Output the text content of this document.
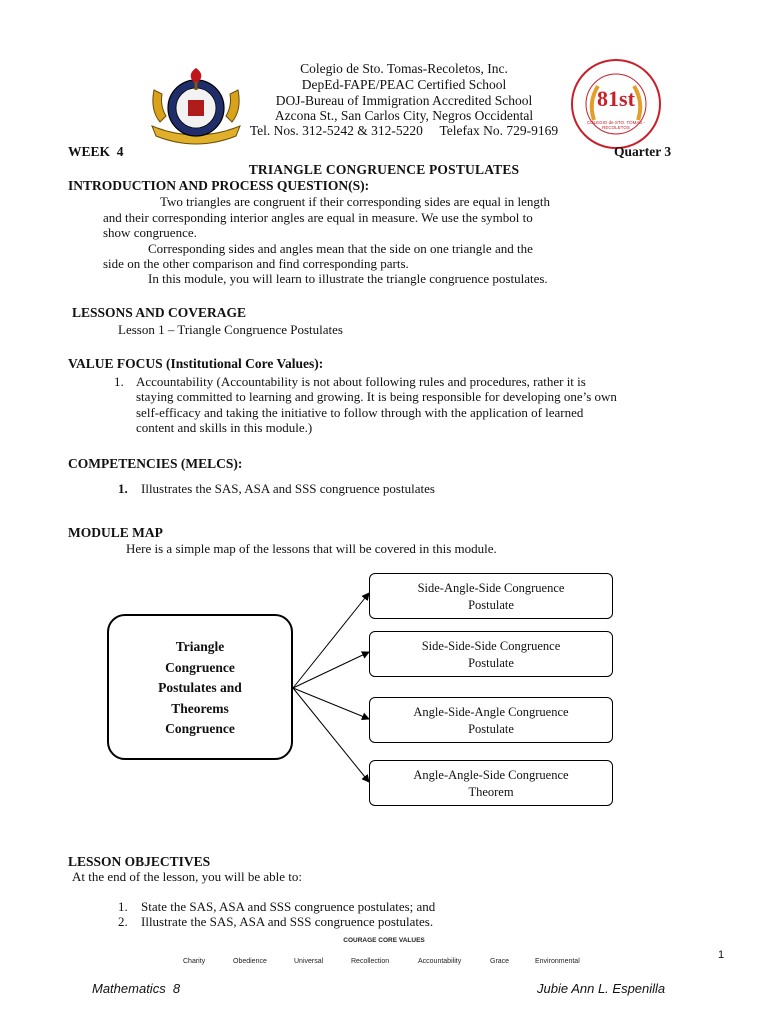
Colegio de Sto. Tomas-Recoletos, Inc.
DepEd-FAPE/PEAC Certified School
DOJ-Bureau of Immigration Accredited School
Azcona St., San Carlos City, Negros Occidental
Tel. Nos. 312-5242 & 312-5220     Telefax No. 729-9169
81st
COLEGIO de STO. TOMAS - RECOLETOS
WEEK  4	Quarter 3
TRIANGLE CONGRUENCE POSTULATES
INTRODUCTION AND PROCESS QUESTION(S):
Two triangles are congruent if their corresponding sides are equal in length
and their corresponding interior angles are equal in measure. We use the symbol to
show congruence.
Corresponding sides and angles mean that the side on one triangle and the
side on the other comparison and find corresponding parts.
In this module, you will learn to illustrate the triangle congruence postulates.
LESSONS AND COVERAGE
Lesson 1 – Triangle Congruence Postulates
VALUE FOCUS (Institutional Core Values):
1. Accountability (Accountability is not about following rules and procedures, rather it is
staying committed to learning and growing. It is being responsible for developing one’s own
self-efficacy and taking the initiative to follow through with the application of learned
content and skills in this module.)
COMPETENCIES (MELCS):
1. Illustrates the SAS, ASA and SSS congruence postulates
MODULE MAP
Here is a simple map of the lessons that will be covered in this module.
Triangle
Congruence
Postulates and
Theorems
Congruence
Side-Angle-Side Congruence
Postulate
Side-Side-Side Congruence
Postulate
Angle-Side-Angle Congruence
Postulate
Angle-Angle-Side Congruence
Theorem
LESSON OBJECTIVES
At the end of the lesson, you will be able to:
1. State the SAS, ASA and SSS congruence postulates; and
2. Illustrate the SAS, ASA and SSS congruence postulates.
COURAGE CORE VALUES
Charity	Obedience	Universal	Recollection	Accountability	Grace	Environmental
1
Mathematics  8	Jubie Ann L. Espenilla
